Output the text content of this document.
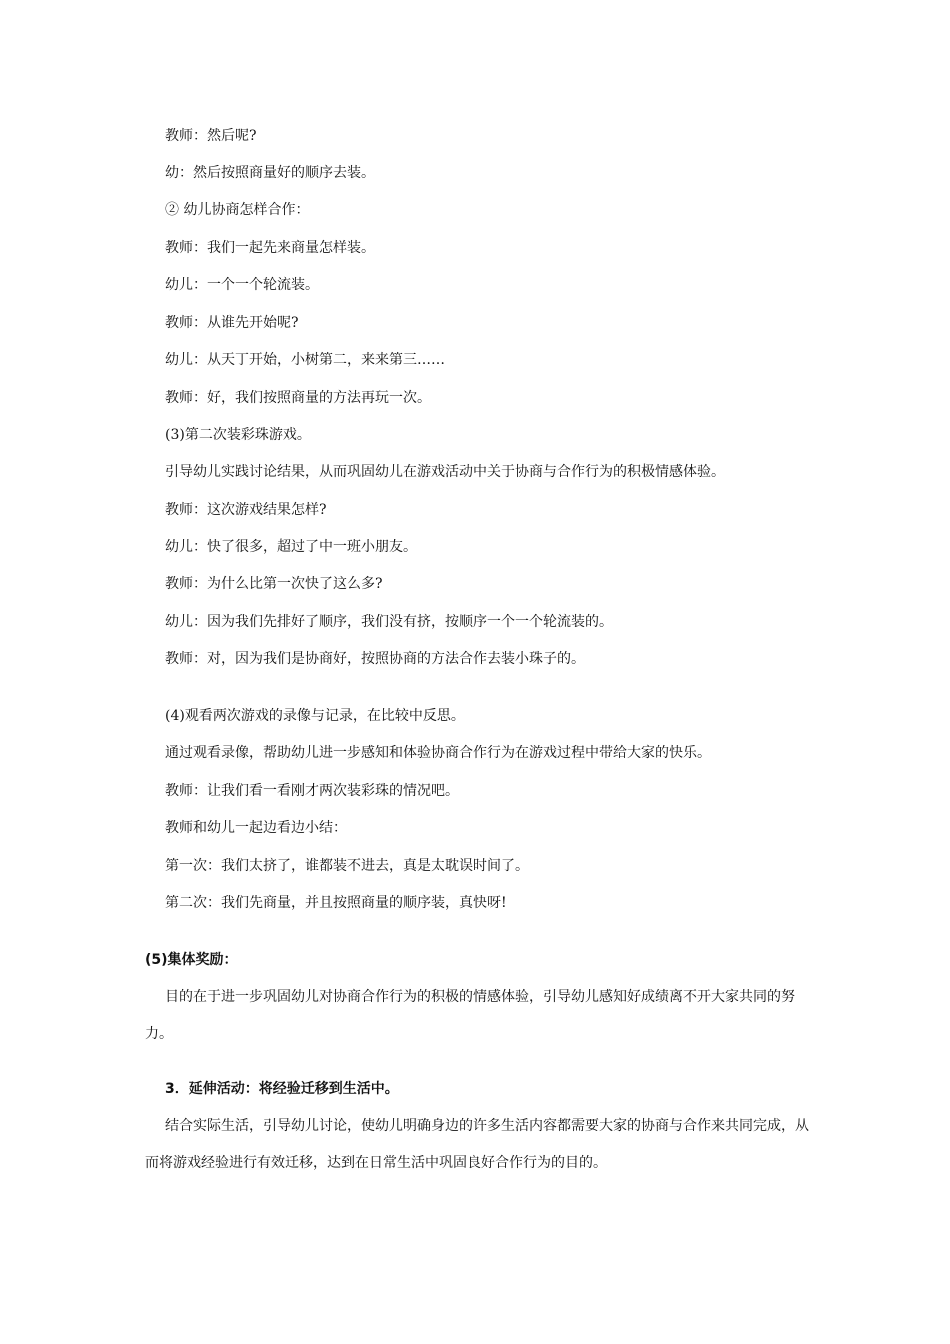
教师：然后呢?
幼：然后按照商量好的顺序去装。
② 幼儿协商怎样合作：
教师：我们一起先来商量怎样装。
幼儿：一个一个轮流装。
教师：从谁先开始呢?
幼儿：从天丁开始，小树第二，来来第三……
教师：好，我们按照商量的方法再玩一次。
(3)第二次装彩珠游戏。
引导幼儿实践讨论结果，从而巩固幼儿在游戏活动中关于协商与合作行为的积极情感体验。
教师：这次游戏结果怎样?
幼儿：快了很多，超过了中一班小朋友。
教师：为什么比第一次快了这么多?
幼儿：因为我们先排好了顺序，我们没有挤，按顺序一个一个轮流装的。
教师：对，因为我们是协商好，按照协商的方法合作去装小珠子的。
(4)观看两次游戏的录像与记录，在比较中反思。
通过观看录像，帮助幼儿进一步感知和体验协商合作行为在游戏过程中带给大家的快乐。
教师：让我们看一看刚才两次装彩珠的情况吧。
教师和幼儿一起边看边小结：
第一次：我们太挤了，谁都装不进去，真是太耽误时间了。
第二次：我们先商量，并且按照商量的顺序装，真快呀!
(5)集体奖励：
目的在于进一步巩固幼儿对协商合作行为的积极的情感体验，引导幼儿感知好成绩离不开大家共同的努力。
3．延伸活动：将经验迁移到生活中。
结合实际生活，引导幼儿讨论，使幼儿明确身边的许多生活内容都需要大家的协商与合作来共同完成，从而将游戏经验进行有效迁移，达到在日常生活中巩固良好合作行为的目的。
